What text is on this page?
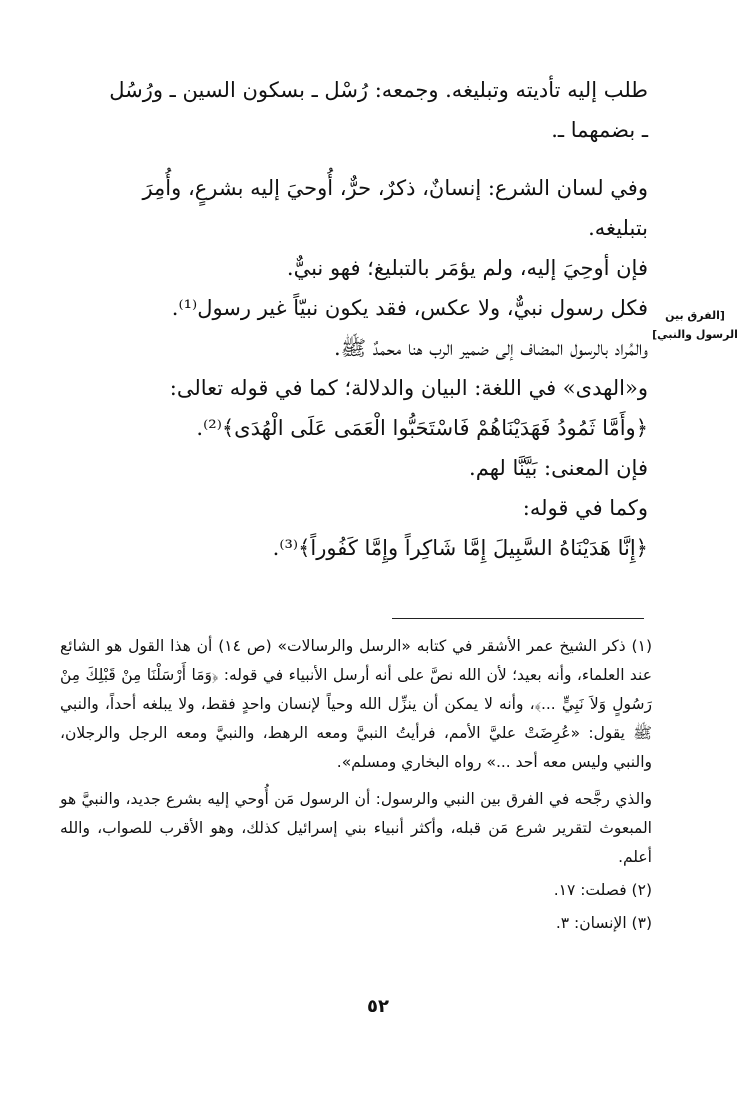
طلب إليه تأديته وتبليغه. وجمعه: رُسْل ـ بسكون السين ـ ورُسُل

ـ بضمهما ـ.

وفي لسان الشرع: إنسانٌ، ذكرٌ، حرٌّ، أُوحيَ إليه بشرعٍ، وأُمِرَ

بتبليغه.

فإن أوحِيَ إليه، ولم يؤمَر بالتبليغ؛ فهو نبيٌّ.

فكل رسول نبيٌّ، ولا عكس، فقد يكون نبيّاً غير رسول⁽¹⁾.

والمُراد بالرسول المضاف إلى ضمير الرب هنا محمدٌ ﷺ.

و«الهدى» في اللغة: البيان والدلالة؛ كما في قوله تعالى:

﴿وأَمَّا ثَمُودُ فَهَدَيْنَاهُمْ فَاسْتَحَبُّوا الْعَمَى عَلَى الْهُدَى﴾⁽²⁾.

فإن المعنى: بَيَّنَّا لهم.

وكما في قوله:

﴿إِنَّا هَدَيْنَاهُ السَّبِيلَ إِمَّا شَاكِراً وإِمَّا كَفُوراً﴾⁽³⁾.

[الفرق بين
الرسول والنبي]

(١) ذكر الشيخ عمر الأشقر في كتابه «الرسل والرسالات» (ص ١٤) أن هذا القول هو الشائع عند العلماء، وأنه بعيد؛ لأن الله نصَّ على أنه أرسل الأنبياء في قوله: ﴿وَمَا أَرْسَلْنَا مِنْ قَبْلِكَ مِنْ رَسُولٍ وَلاَ نَبِيٍّ ...﴾، وأنه لا يمكن أن ينزِّل الله وحياً لإنسان واحدٍ فقط، ولا يبلغه أحداً، والنبي ﷺ يقول: «عُرِضَتْ عليَّ الأمم، فرأيتُ النبيَّ ومعه الرهط، والنبيَّ ومعه الرجل والرجلان، والنبي وليس معه أحد ...» رواه البخاري ومسلم».

والذي رجَّحه في الفرق بين النبي والرسول: أن الرسول مَن أُوحي إليه بشرع جديد، والنبيَّ هو المبعوث لتقرير شرع مَن قبله، وأكثر أنبياء بني إسرائيل كذلك، وهو الأقرب للصواب، والله أعلم.

(٢) فصلت: ١٧.

(٣) الإنسان: ٣.

٥٢
